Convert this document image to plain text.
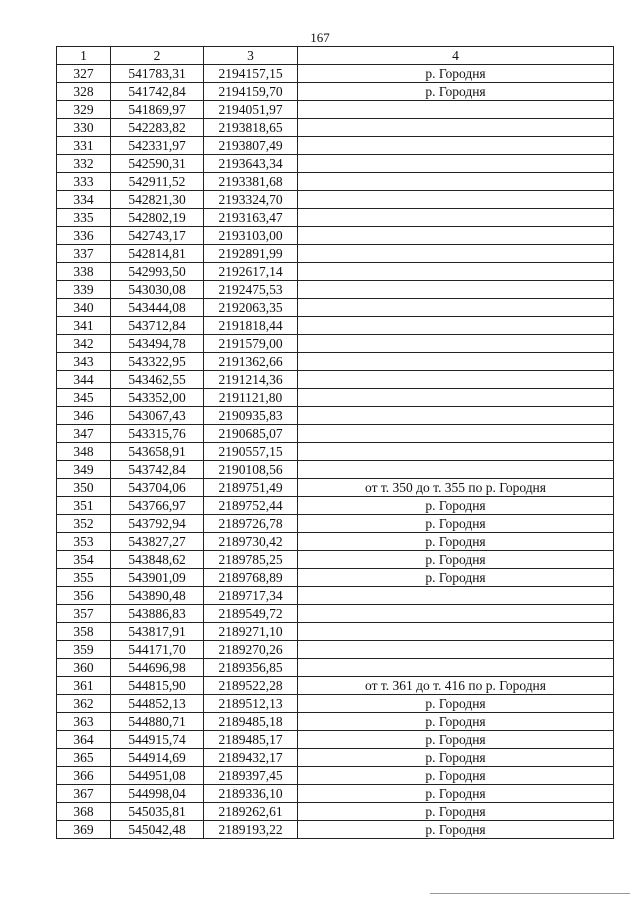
167
1	2	3	4
327	541783,31	2194157,15	р. Городня
328	541742,84	2194159,70	р. Городня
329	541869,97	2194051,97	
330	542283,82	2193818,65	
331	542331,97	2193807,49	
332	542590,31	2193643,34	
333	542911,52	2193381,68	
334	542821,30	2193324,70	
335	542802,19	2193163,47	
336	542743,17	2193103,00	
337	542814,81	2192891,99	
338	542993,50	2192617,14	
339	543030,08	2192475,53	
340	543444,08	2192063,35	
341	543712,84	2191818,44	
342	543494,78	2191579,00	
343	543322,95	2191362,66	
344	543462,55	2191214,36	
345	543352,00	2191121,80	
346	543067,43	2190935,83	
347	543315,76	2190685,07	
348	543658,91	2190557,15	
349	543742,84	2190108,56	
350	543704,06	2189751,49	от т. 350 до т. 355 по р. Городня
351	543766,97	2189752,44	р. Городня
352	543792,94	2189726,78	р. Городня
353	543827,27	2189730,42	р. Городня
354	543848,62	2189785,25	р. Городня
355	543901,09	2189768,89	р. Городня
356	543890,48	2189717,34	
357	543886,83	2189549,72	
358	543817,91	2189271,10	
359	544171,70	2189270,26	
360	544696,98	2189356,85	
361	544815,90	2189522,28	от т. 361 до т. 416 по р. Городня
362	544852,13	2189512,13	р. Городня
363	544880,71	2189485,18	р. Городня
364	544915,74	2189485,17	р. Городня
365	544914,69	2189432,17	р. Городня
366	544951,08	2189397,45	р. Городня
367	544998,04	2189336,10	р. Городня
368	545035,81	2189262,61	р. Городня
369	545042,48	2189193,22	р. Городня
